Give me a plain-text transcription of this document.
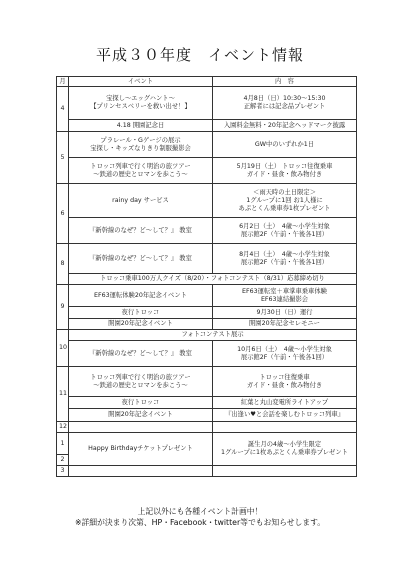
平成３０年度　イベント情報
月	イベント	内　容
4	宝探し～エッグハント～
【プリンセスベリーを救い出せ！】	4月8日（日）10:30～15:30
正解者には記念品プレゼント

	4.18 開園記念日	入園料金無料・20年記念ヘッドマーク披露

5	プラレール・Gゲージの展示
宝探し・キッズなりきり制服撮影会	GW中のいずれか1日

	トロッコ列車で行く明治の旅ツアー
～鉄道の歴史とロマンを歩こう～	5月19日（土） トロッコ往復乗車
ガイド・昼食・飲み物付き

6	rainy day サービス	＜雨天時の土日限定＞
1グループに1回 お1人様に
あぷとくん乗車券1枚プレゼント

	『新幹線のなぜ？ど～して？』 教室	6月2日（土）　4歳～小学生対象
展示館2F（午前・午後各1回）

8	『新幹線のなぜ？ど～して？』 教室	8月4日（土）　4歳～小学生対象
展示館2F（午前・午後各1回）

	トロッコ乗車100万人クイズ（8/20）・フォトコンテスト（8/31）応募締め切り	
9	EF63運転体験20年記念イベント	EF63運転室＋車掌車乗車体験
EF63連結撮影会

	夜行トロッコ	9月30日（日）運行

	開園20年記念イベント	開園20年記念セレモニー

10	フォトコンテスト展示	

	『新幹線のなぜ？ど～して？』 教室	10月6日（土）　4歳～小学生対象
展示館2F（午前・午後各1回）

11	トロッコ列車で行く明治の旅ツアー
～鉄道の歴史とロマンを歩こう～	トロッコ往復乗車
ガイド・昼食・飲み物付き

	夜行トロッコ	紅葉と丸山変電所ライトアップ

	開園20年記念イベント	『出逢い♥と会話を楽しむトロッコ列車』

12		
1	Happy Birthdayチケットプレゼント	誕生月の4歳～小学生限定
1グループに1枚あぷとくん乗車券プレゼント

2		
3		
上記以外にも各種イベント計画中！
※詳細が決まり次第、HP・Facebook・twitter等でもお知らせします。
